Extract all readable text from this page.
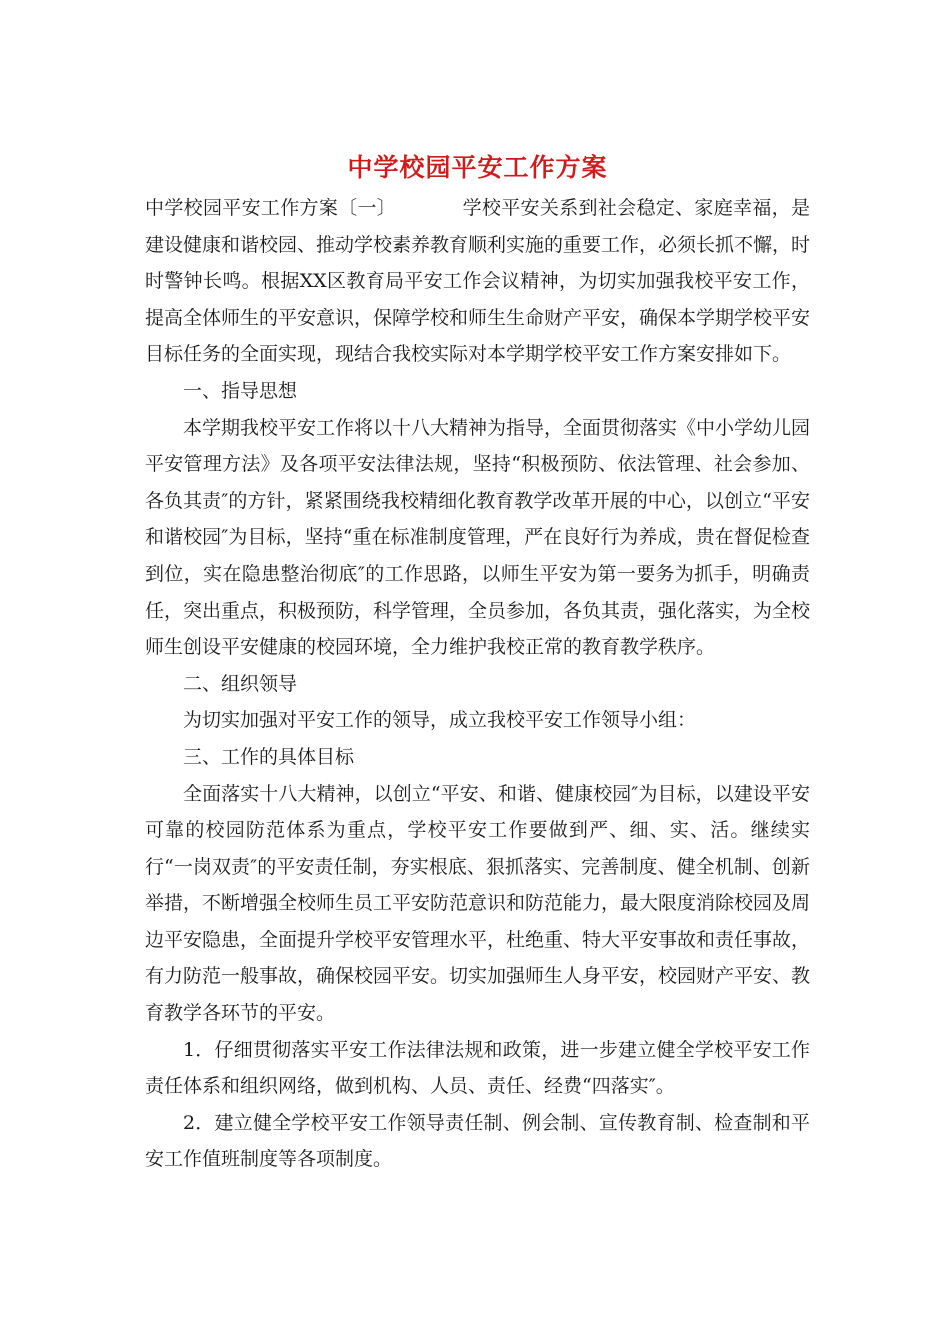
中学校园平安工作方案

中学校园平安工作方案〔一〕	学校平安关系到社会稳定、家庭幸福，是建设健康和谐校园、推动学校素养教育顺利实施的重要工作，必须长抓不懈，时时警钟长鸣。根据XX区教育局平安工作会议精神，为切实加强我校平安工作，提高全体师生的平安意识，保障学校和师生生命财产平安，确保本学期学校平安目标任务的全面实现，现结合我校实际对本学期学校平安工作方案安排如下。

一、指导思想

本学期我校平安工作将以十八大精神为指导，全面贯彻落实《中小学幼儿园平安管理方法》及各项平安法律法规，坚持“积极预防、依法管理、社会参加、各负其责″的方针，紧紧围绕我校精细化教育教学改革开展的中心，以创立“平安和谐校园″为目标，坚持“重在标准制度管理，严在良好行为养成，贵在督促检查到位，实在隐患整治彻底″的工作思路，以师生平安为第一要务为抓手，明确责任，突出重点，积极预防，科学管理，全员参加，各负其责，强化落实，为全校师生创设平安健康的校园环境，全力维护我校正常的教育教学秩序。

二、组织领导

为切实加强对平安工作的领导，成立我校平安工作领导小组：

三、工作的具体目标

全面落实十八大精神，以创立“平安、和谐、健康校园″为目标，以建设平安可靠的校园防范体系为重点，学校平安工作要做到严、细、实、活。继续实行“一岗双责″的平安责任制，夯实根底、狠抓落实、完善制度、健全机制、创新举措，不断增强全校师生员工平安防范意识和防范能力，最大限度消除校园及周边平安隐患，全面提升学校平安管理水平，杜绝重、特大平安事故和责任事故，有力防范一般事故，确保校园平安。切实加强师生人身平安，校园财产平安、教育教学各环节的平安。

1．仔细贯彻落实平安工作法律法规和政策，进一步建立健全学校平安工作责任体系和组织网络，做到机构、人员、责任、经费“四落实″。

2．建立健全学校平安工作领导责任制、例会制、宣传教育制、检查制和平安工作值班制度等各项制度。
